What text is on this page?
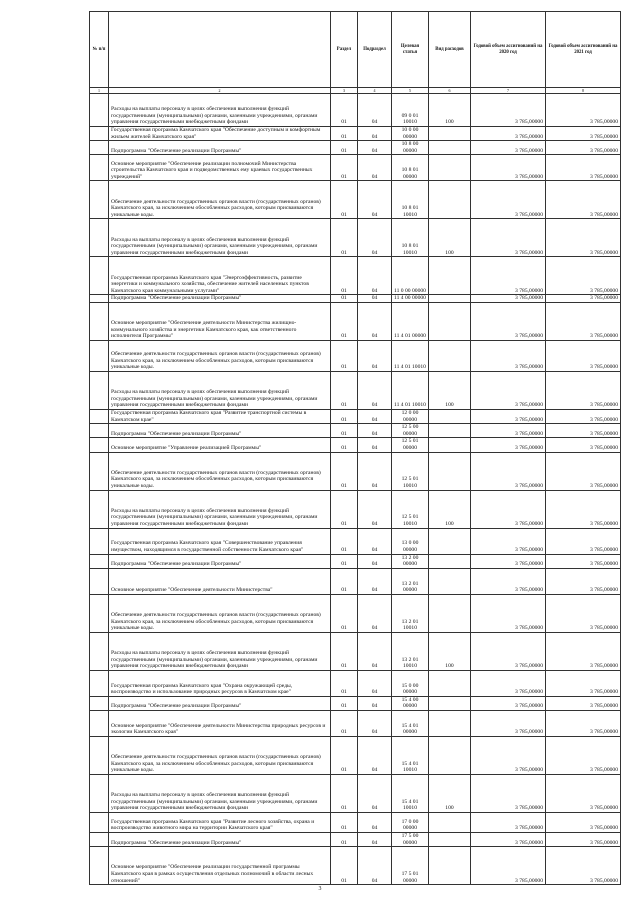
№ п/п		Раздел	Подраздел	Целевая статья	Вид расходов	Годовой объем ассигнований на 2020 год	Годовой объем ассигнований на 2021 год
1	2	3	4	5	6	7	8
	Расходы на выплаты персоналу в целях обеспечения выполнения функций государственными (муниципальными) органами, казенными учреждениями, органами управления государственными внебюджетными фондами	01	04	09 0 01 10010	100	3 785,00000	3 785,00000
	Государственная программа Камчатского края "Обеспечение доступным и комфортным жильем жителей Камчатского края"	01	04	10 0 00 00000		3 785,00000	3 785,00000
	Подпрограмма "Обеспечение реализации Программы"	01	04	10 8 00 00000		3 785,00000	3 785,00000
	Основное мероприятие "Обеспечение реализации полномочий Министерства строительства Камчатского края и подведомственных ему краевых государственных учреждений"	01	04	10 8 01 00000		3 785,00000	3 785,00000
	Обеспечение деятельности государственных органов власти (государственных органов) Камчатского края, за исключением обособленных расходов, которым присваиваются уникальные коды.	01	04	10 8 01 10010		3 785,00000	3 785,00000
	Расходы на выплаты персоналу в целях обеспечения выполнения функций государственными (муниципальными) органами, казенными учреждениями, органами управления государственными внебюджетными фондами	01	04	10 8 01 10010	100	3 785,00000	3 785,00000
	Государственная программа Камчатского края "Энергоэффективность, развитие энергетики и коммунального хозяйства, обеспечение жителей населенных пунктов Камчатского края коммунальными услугами"	01	04	11 0 00 00000		3 785,00000	3 785,00000
	Подпрограмма "Обеспечение реализации Программы"	01	04	11 4 00 00000		3 785,00000	3 785,00000
	Основное мероприятие "Обеспечение деятельности Министерства жилищно-коммунального хозяйства и энергетики Камчатского края, как ответственного исполнителя Программы"	01	04	11 4 01 00000		3 785,00000	3 785,00000
	Обеспечение деятельности государственных органов власти (государственных органов) Камчатского края, за исключением обособленных расходов, которым присваиваются уникальные коды.	01	04	11 4 01 10010		3 785,00000	3 785,00000
	Расходы на выплаты персоналу в целях обеспечения выполнения функций государственными (муниципальными) органами, казенными учреждениями, органами управления государственными внебюджетными фондами	01	04	11 4 01 10010	100	3 785,00000	3 785,00000
	Государственная программа Камчатского края "Развитие транспортной системы в Камчатском крае"	01	04	12 0 00 00000		3 785,00000	3 785,00000
	Подпрограмма "Обеспечение реализации Программы"	01	04	12 5 00 00000		3 785,00000	3 785,00000
	Основное мероприятие "Управление реализацией Программы"	01	04	12 5 01 00000		3 785,00000	3 785,00000
	Обеспечение деятельности государственных органов власти (государственных органов) Камчатского края, за исключением обособленных расходов, которым присваиваются уникальные коды.	01	04	12 5 01 10010		3 785,00000	3 785,00000
	Расходы на выплаты персоналу в целях обеспечения выполнения функций государственными (муниципальными) органами, казенными учреждениями, органами управления государственными внебюджетными фондами	01	04	12 5 01 10010	100	3 785,00000	3 785,00000
	Государственная программа Камчатского края "Совершенствование управления имуществом, находящимся в государственной собственности Камчатского края"	01	04	13 0 00 00000		3 785,00000	3 785,00000
	Подпрограмма "Обеспечение реализации Программы"	01	04	13 2 00 00000		3 785,00000	3 785,00000
	Основное мероприятие "Обеспечение деятельности Министерства"	01	04	13 2 01 00000		3 785,00000	3 785,00000
	Обеспечение деятельности государственных органов власти (государственных органов) Камчатского края, за исключением обособленных расходов, которым присваиваются уникальные коды.	01	04	13 2 01 10010		3 785,00000	3 785,00000
	Расходы на выплаты персоналу в целях обеспечения выполнения функций государственными (муниципальными) органами, казенными учреждениями, органами управления государственными внебюджетными фондами	01	04	13 2 01 10010	100	3 785,00000	3 785,00000
	Государственная программа Камчатского края "Охрана окружающей среды, воспроизводство и использование природных ресурсов в Камчатском крае"	01	04	15 0 00 00000		3 785,00000	3 785,00000
	Подпрограмма "Обеспечение реализации Программы"	01	04	15 4 00 00000		3 785,00000	3 785,00000
	Основное мероприятие "Обеспечение деятельности Министерства природных ресурсов и экологии Камчатского края"	01	04	15 4 01 00000		3 785,00000	3 785,00000
	Обеспечение деятельности государственных органов власти (государственных органов) Камчатского края, за исключением обособленных расходов, которым присваиваются уникальные коды.	01	04	15 4 01 10010		3 785,00000	3 785,00000
	Расходы на выплаты персоналу в целях обеспечения выполнения функций государственными (муниципальными) органами, казенными учреждениями, органами управления государственными внебюджетными фондами	01	04	15 4 01 10010	100	3 785,00000	3 785,00000
	Государственная программа Камчатского края "Развитие лесного хозяйства, охрана и воспроизводство животного мира на территории Камчатского края"	01	04	17 0 00 00000		3 785,00000	3 785,00000
	Подпрограмма "Обеспечение реализации Программы"	01	04	17 5 00 00000		3 785,00000	3 785,00000
	Основное мероприятие "Обеспечение реализации государственной программы Камчатского края в рамках осуществления отдельных полномочий в области лесных отношений"	01	04	17 5 01 00000		3 785,00000	3 785,00000
3
